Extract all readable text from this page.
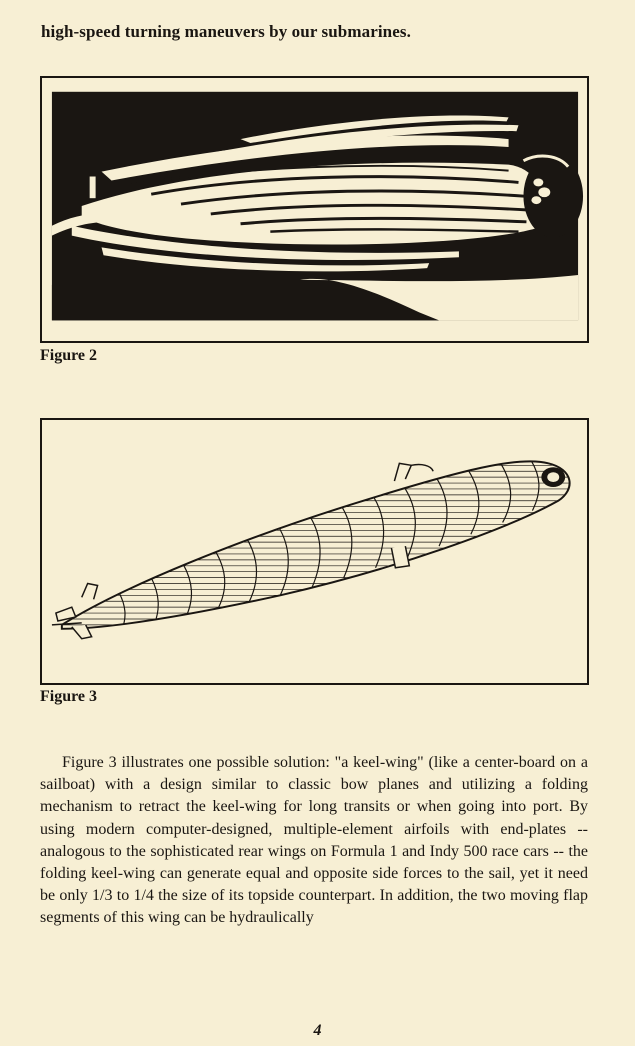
high-speed turning maneuvers by our submarines.
Figure 2
Figure 3

Figure 3 illustrates one possible solution: "a keel-wing" (like a center-board on a sailboat) with a design similar to classic bow planes and utilizing a folding mechanism to retract the keel-wing for long transits or when going into port. By using modern computer-designed, multiple-element airfoils with end-plates -- analogous to the sophisticated rear wings on Formula 1 and Indy 500 race cars -- the folding keel-wing can generate equal and opposite side forces to the sail, yet it need be only 1/3 to 1/4 the size of its topside counterpart. In addition, the two moving flap segments of this wing can be hydraulically

4
